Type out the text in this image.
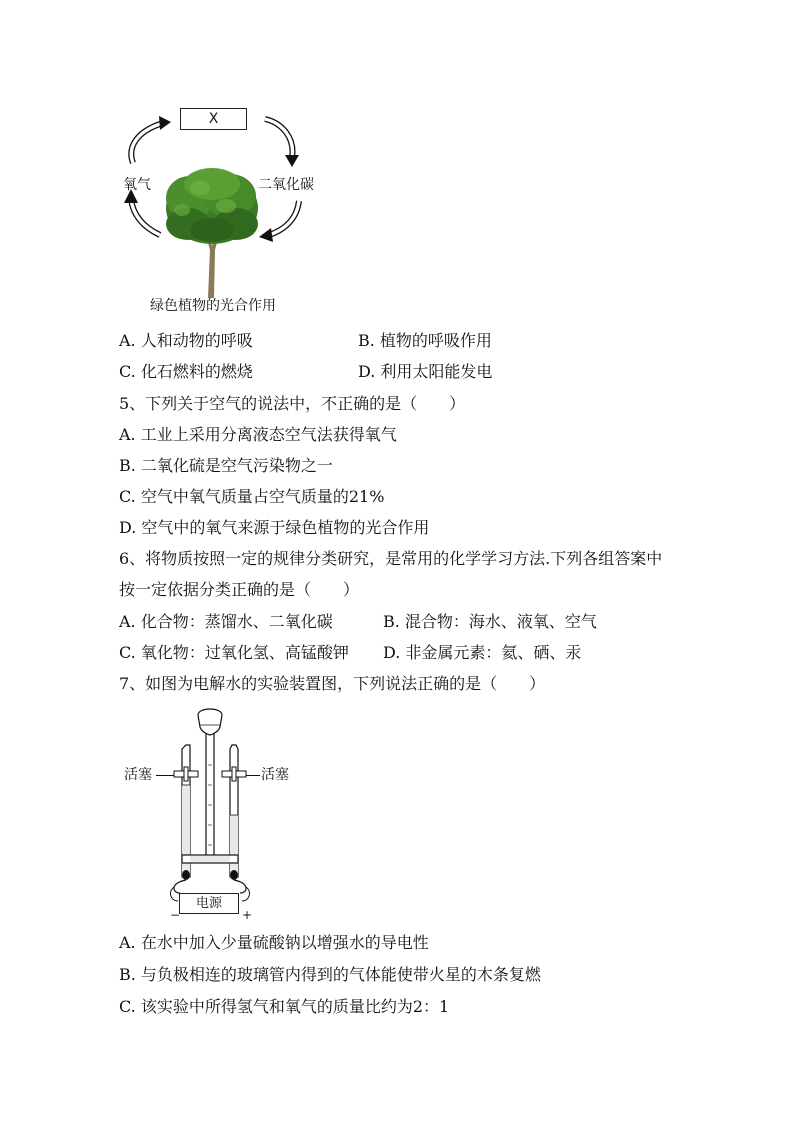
X
氧气	二氧化碳
绿色植物的光合作用
A. 人和动物的呼吸	B. 植物的呼吸作用
C. 化石燃料的燃烧	D. 利用太阳能发电
5、下列关于空气的说法中，不正确的是（　　）
A. 工业上采用分离液态空气法获得氧气
B. 二氧化硫是空气污染物之一
C. 空气中氧气质量占空气质量的21%
D. 空气中的氧气来源于绿色植物的光合作用
6、将物质按照一定的规律分类研究，是常用的化学学习方法.下列各组答案中
按一定依据分类正确的是（　　）
A. 化合物：蒸馏水、二氧化碳	B. 混合物：海水、液氧、空气
C. 氧化物：过氧化氢、高锰酸钾 D. 非金属元素：氦、硒、汞
7、如图为电解水的实验装置图，下列说法正确的是（　　）
活塞	活塞
电源
−	+
A. 在水中加入少量硫酸钠以增强水的导电性
B. 与负极相连的玻璃管内得到的气体能使带火星的木条复燃
C. 该实验中所得氢气和氧气的质量比约为2：1
